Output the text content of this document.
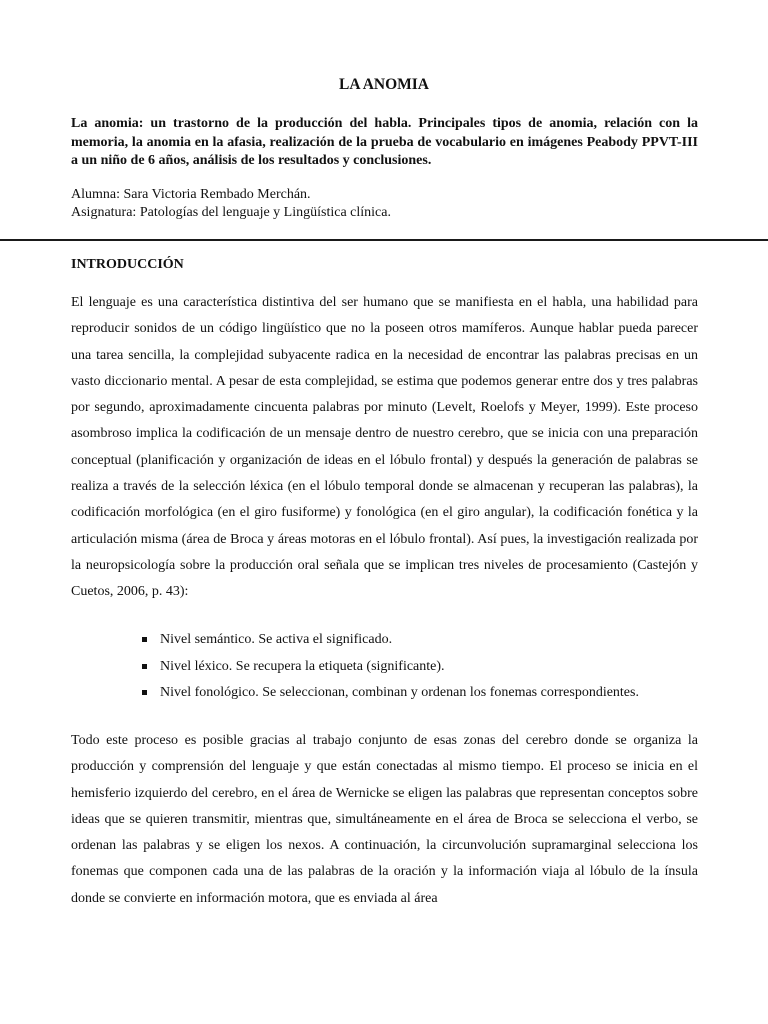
LA ANOMIA

La anomia: un trastorno de la producción del habla. Principales tipos de anomia, relación con la memoria, la anomia en la afasia, realización de la prueba de vocabulario en imágenes Peabody PPVT-III a un niño de 6 años, análisis de los resultados y conclusiones.

Alumna: Sara Victoria Rembado Merchán.

Asignatura: Patologías del lenguaje y Lingüística clínica.

INTRODUCCIÓN

El lenguaje es una característica distintiva del ser humano que se manifiesta en el habla, una habilidad para reproducir sonidos de un código lingüístico que no la poseen otros mamíferos. Aunque hablar pueda parecer una tarea sencilla, la complejidad subyacente radica en la necesidad de encontrar las palabras precisas en un vasto diccionario mental. A pesar de esta complejidad, se estima que podemos generar entre dos y tres palabras por segundo, aproximadamente cincuenta palabras por minuto (Levelt, Roelofs y Meyer, 1999). Este proceso asombroso implica la codificación de un mensaje dentro de nuestro cerebro, que se inicia con una preparación conceptual (planificación y organización de ideas en el lóbulo frontal) y después la generación de palabras se realiza a través de la selección léxica (en el lóbulo temporal donde se almacenan y recuperan las palabras), la codificación morfológica (en el giro fusiforme) y fonológica (en el giro angular), la codificación fonética y la articulación misma (área de Broca y áreas motoras en el lóbulo frontal). Así pues, la investigación realizada por la neuropsicología sobre la producción oral señala que se implican tres niveles de procesamiento (Castejón y Cuetos, 2006, p. 43):

Nivel semántico. Se activa el significado.
Nivel léxico. Se recupera la etiqueta (significante).
Nivel fonológico. Se seleccionan, combinan y ordenan los fonemas correspondientes.

Todo este proceso es posible gracias al trabajo conjunto de esas zonas del cerebro donde se organiza la producción y comprensión del lenguaje y que están conectadas al mismo tiempo. El proceso se inicia en el hemisferio izquierdo del cerebro, en el área de Wernicke se eligen las palabras que representan conceptos sobre ideas que se quieren transmitir, mientras que, simultáneamente en el área de Broca se selecciona el verbo, se ordenan las palabras y se eligen los nexos. A continuación, la circunvolución supramarginal selecciona los fonemas que componen cada una de las palabras de la oración y la información viaja al lóbulo de la ínsula donde se convierte en información motora, que es enviada al área
